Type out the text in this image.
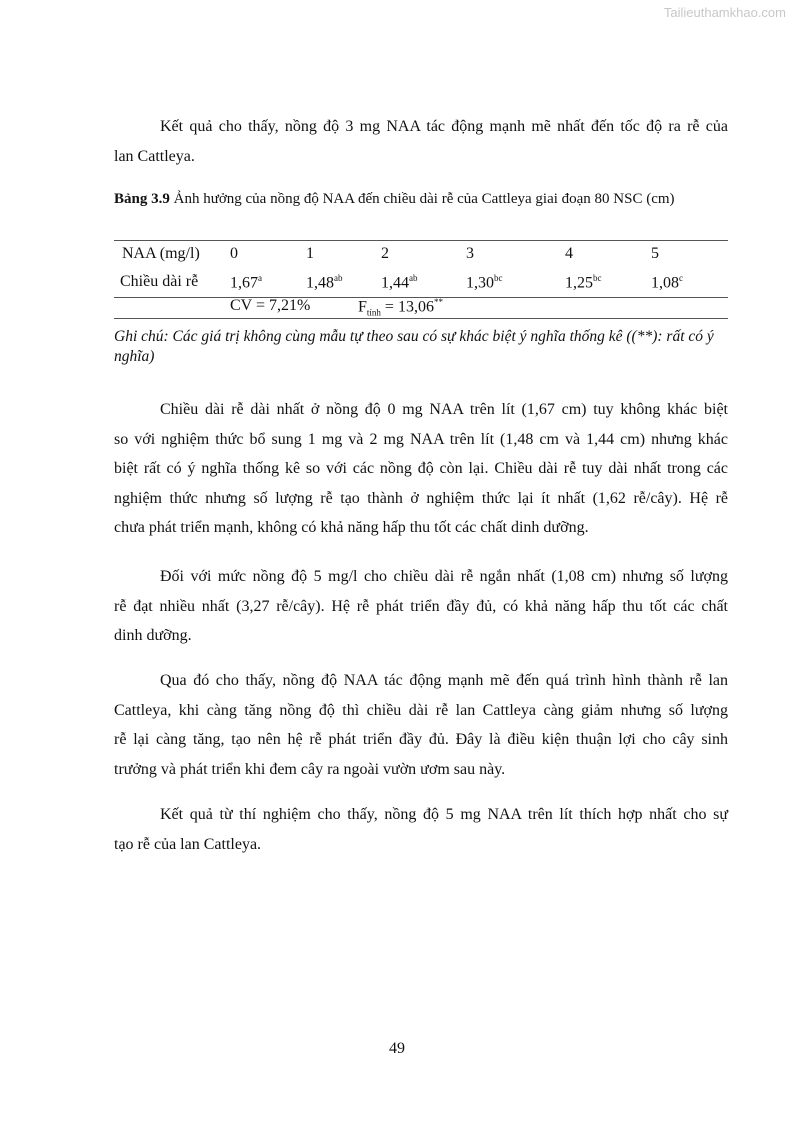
Tailieuthamkhao.com
Kết quả cho thấy, nồng độ 3 mg NAA tác động mạnh mẽ nhất đến tốc độ ra rễ của
lan Cattleya.
Bảng 3.9 Ảnh hưởng của nồng độ NAA đến chiều dài rễ của Cattleya giai đoạn 80 NSC (cm)
NAA (mg/l)
Chiều dài rễ
0
1,67$^a$
1
1,48$^{ab}$
2
1,44$^{ab}$
3
1,30$^{bc}$
4
1,25$^{bc}$
5
1,08$^c$
CV = 7,21%	$F_{tính} = 13,06^{**}$
Ghi chú: Các giá trị không cùng mẫu tự theo sau có sự khác biệt ý nghĩa thống kê ((**): rất có ý nghĩa)
Chiều dài rễ dài nhất ở nồng độ 0 mg NAA trên lít (1,67 cm) tuy không khác biệt
so với nghiệm thức bổ sung 1 mg và 2 mg NAA trên lít (1,48 cm và 1,44 cm) nhưng khác
biệt rất có ý nghĩa thống kê so với các nồng độ còn lại. Chiều dài rễ tuy dài nhất trong các
nghiệm thức nhưng số lượng rễ tạo thành ở nghiệm thức lại ít nhất (1,62 rễ/cây). Hệ rễ
chưa phát triển mạnh, không có khả năng hấp thu tốt các chất dinh dưỡng.
Đối với mức nồng độ 5 mg/l cho chiều dài rễ ngắn nhất (1,08 cm) nhưng số lượng
rễ đạt nhiều nhất (3,27 rễ/cây). Hệ rễ phát triển đầy đủ, có khả năng hấp thu tốt các chất
dinh dưỡng.
Qua đó cho thấy, nồng độ NAA tác động mạnh mẽ đến quá trình hình thành rễ lan
Cattleya, khi càng tăng nồng độ thì chiều dài rễ lan Cattleya càng giảm nhưng số lượng
rễ lại càng tăng, tạo nên hệ rễ phát triển đầy đủ. Đây là điều kiện thuận lợi cho cây sinh
trưởng và phát triển khi đem cây ra ngoài vườn ươm sau này.
Kết quả từ thí nghiệm cho thấy, nồng độ 5 mg NAA trên lít thích hợp nhất cho sự
tạo rễ của lan Cattleya.
49
